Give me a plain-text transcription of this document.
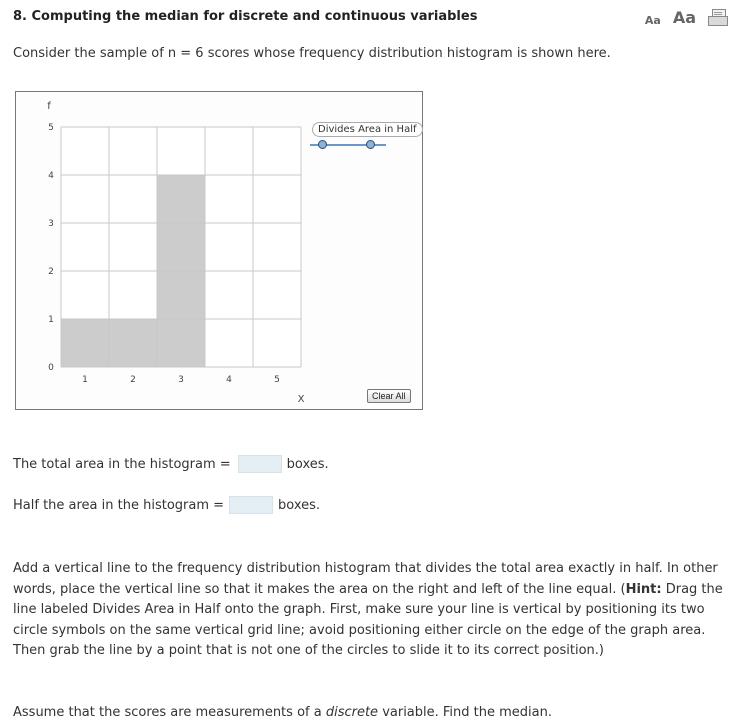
8. Computing the median for discrete and continuous variables	Aa Aa
Consider the sample of n = 6 scores whose frequency distribution histogram is shown here.
0
1
2
3
4
5
1	2	3	4	5
f
X
Divides Area in Half
Clear All
The total area in the histogram =	boxes.
Half the area in the histogram =	boxes.
Add a vertical line to the frequency distribution histogram that divides the total area exactly in half. In other words, place the vertical line so that it makes the area on the right and left of the line equal. (Hint: Drag the line labeled Divides Area in Half onto the graph. First, make sure your line is vertical by positioning its two circle symbols on the same vertical grid line; avoid positioning either circle on the edge of the graph area. Then grab the line by a point that is not one of the circles to slide it to its correct position.)
Assume that the scores are measurements of a discrete variable. Find the median.
